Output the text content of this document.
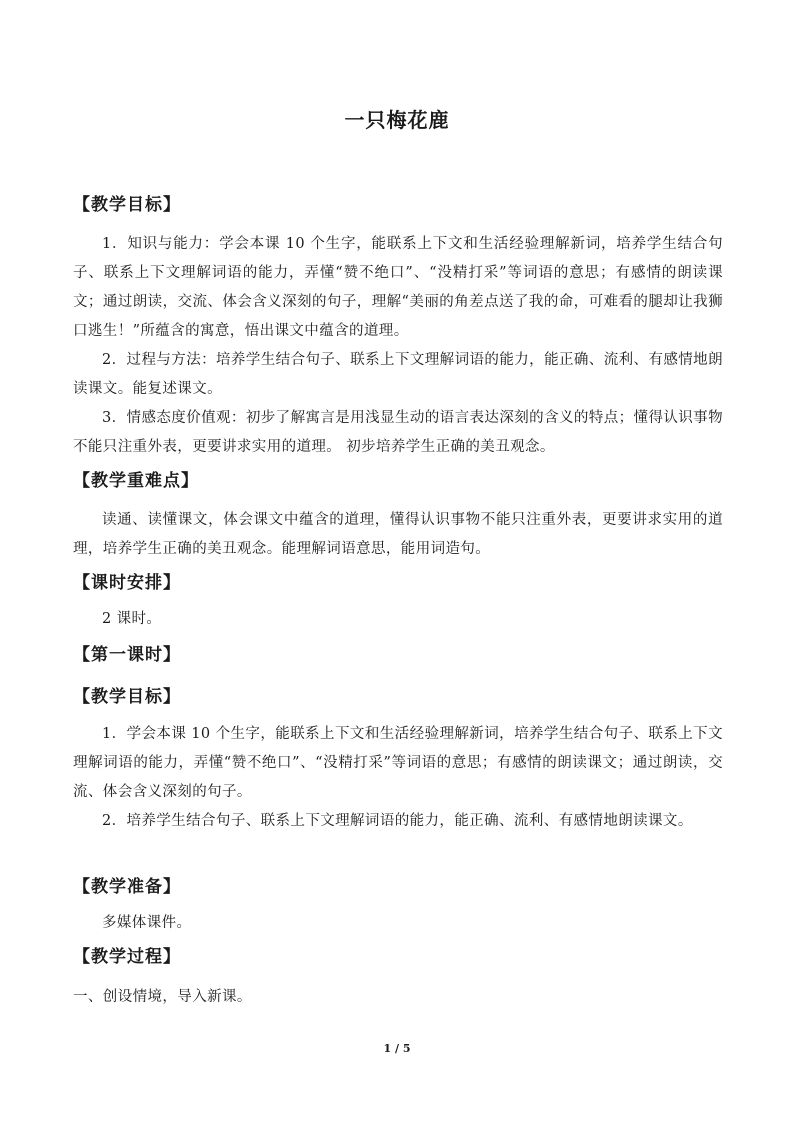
一只梅花鹿
【教学目标】

1．知识与能力：学会本课 10 个生字，能联系上下文和生活经验理解新词，培养学生结合句子、联系上下文理解词语的能力，弄懂“赞不绝口”、“没精打采”等词语的意思；有感情的朗读课文；通过朗读，交流、体会含义深刻的句子，理解“美丽的角差点送了我的命，可难看的腿却让我狮口逃生！”所蕴含的寓意，悟出课文中蕴含的道理。

2．过程与方法：培养学生结合句子、联系上下文理解词语的能力，能正确、流利、有感情地朗读课文。能复述课文。

3．情感态度价值观：初步了解寓言是用浅显生动的语言表达深刻的含义的特点；懂得认识事物不能只注重外表，更要讲求实用的道理。 初步培养学生正确的美丑观念。

【教学重难点】

读通、读懂课文，体会课文中蕴含的道理，懂得认识事物不能只注重外表，更要讲求实用的道理，培养学生正确的美丑观念。能理解词语意思，能用词造句。

【课时安排】

2 课时。

【第一课时】
【教学目标】

1．学会本课 10 个生字，能联系上下文和生活经验理解新词，培养学生结合句子、联系上下文理解词语的能力，弄懂“赞不绝口”、“没精打采”等词语的意思；有感情的朗读课文；通过朗读，交流、体会含义深刻的句子。

2．培养学生结合句子、联系上下文理解词语的能力，能正确、流利、有感情地朗读课文。

【教学准备】

多媒体课件。

【教学过程】

一、创设情境，导入新课。

1 / 5
